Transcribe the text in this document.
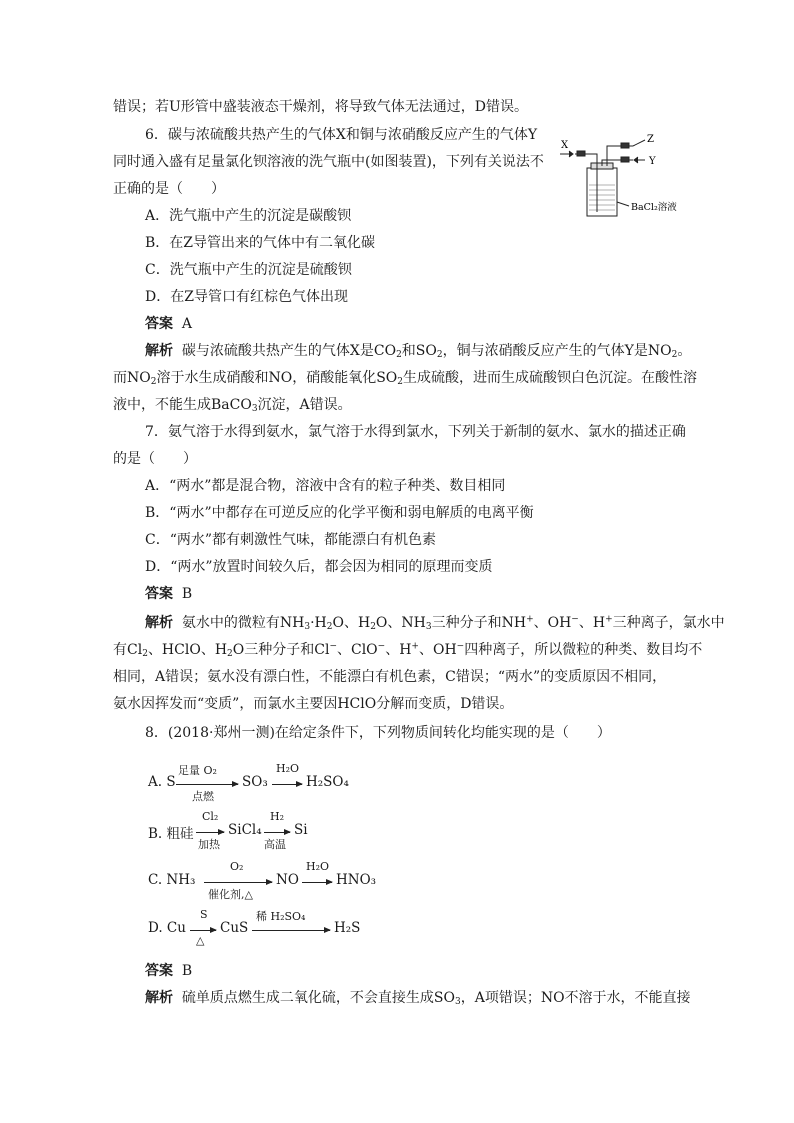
错误；若U形管中盛装液态干燥剂，将导致气体无法通过，D错误。
6．碳与浓硫酸共热产生的气体X和铜与浓硝酸反应产生的气体Y
同时通入盛有足量氯化钡溶液的洗气瓶中(如图装置)，下列有关说法不
正确的是（　　）
A．洗气瓶中产生的沉淀是碳酸钡
B．在Z导管出来的气体中有二氧化碳
C．洗气瓶中产生的沉淀是硫酸钡
D．在Z导管口有红棕色气体出现
答案 A
解析  碳与浓硫酸共热产生的气体X是$CO_2$和$SO_2$，铜与浓硝酸反应产生的气体Y是$NO_2$。
而$NO_2$溶于水生成硝酸和NO，硝酸能氧化$SO_2$生成硫酸，进而生成硫酸钡白色沉淀。在酸性溶
液中，不能生成BaCO$_3$沉淀，A错误。
X
Z
Y
BaCl₂溶液
7．氨气溶于水得到氨水，氯气溶于水得到氯水，下列关于新制的氨水、氯水的描述正确
的是（　　）
A．“两水”都是混合物，溶液中含有的粒子种类、数目相同
B．“两水”中都存在可逆反应的化学平衡和弱电解质的电离平衡
C．“两水”都有刺激性气味，都能漂白有机色素
D．“两水”放置时间较久后，都会因为相同的原理而变质
答案 B
解析  氨水中的微粒有$NH_3\cdot H_2O$、$H_2O$、$NH_3$三种分子和NH+、OH−、H+三种离子，氯水中
有$Cl_2$、HClO、$H_2O$三种分子和Cl−、ClO−、H+、OH−四种离子，所以微粒的种类、数目均不
相同，A错误；氨水没有漂白性，不能漂白有机色素，C错误；“两水”的变质原因不相同，
氨水因挥发而“变质”，而氯水主要因HClO分解而变质，D错误。
8．(2018·郑州一测)在给定条件下，下列物质间转化均能实现的是（　　）
A. S
足量 O₂
点燃
SO₃
H₂O
→ H₂SO₄
B. 粗硅
Cl₂
加热
SiCl₄
H₂
高温
Si
C. NH₃
O₂
催化剂,△
NO
H₂O
→ HNO₃
D. Cu
S
△
CuS
稀 H₂SO₄
H₂S
答案 B
解析 硫单质点燃生成二氧化硫，不会直接生成$SO_3$，A项错误；NO不溶于水，不能直接
